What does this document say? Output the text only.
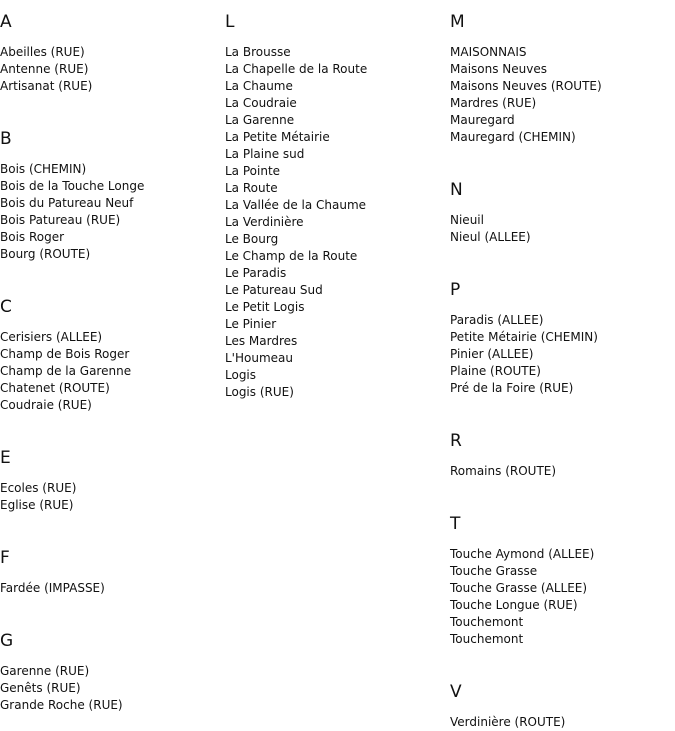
A
Abeilles (RUE)
Antenne (RUE)
Artisanat (RUE)
B
Bois (CHEMIN)
Bois de la Touche Longe
Bois du Patureau Neuf
Bois Patureau (RUE)
Bois Roger
Bourg (ROUTE)
C
Cerisiers (ALLEE)
Champ de Bois Roger
Champ de la Garenne
Chatenet (ROUTE)
Coudraie (RUE)
E
Ecoles (RUE)
Eglise (RUE)
F
Fardée (IMPASSE)
G
Garenne (RUE)
Genêts (RUE)
Grande Roche (RUE)
L
La Brousse
La Chapelle de la Route
La Chaume
La Coudraie
La Garenne
La Petite Métairie
La Plaine sud
La Pointe
La Route
La Vallée de la Chaume
La Verdinière
Le Bourg
Le Champ de la Route
Le Paradis
Le Patureau Sud
Le Petit Logis
Le Pinier
Les Mardres
L'Houmeau
Logis
Logis (RUE)
M
MAISONNAIS
Maisons Neuves
Maisons Neuves (ROUTE)
Mardres (RUE)
Mauregard
Mauregard (CHEMIN)
N
Nieuil
Nieul (ALLEE)
P
Paradis (ALLEE)
Petite Métairie (CHEMIN)
Pinier (ALLEE)
Plaine (ROUTE)
Pré de la Foire (RUE)
R
Romains (ROUTE)
T
Touche Aymond (ALLEE)
Touche Grasse
Touche Grasse (ALLEE)
Touche Longue (RUE)
Touchemont
Touchemont
V
Verdinière (ROUTE)
